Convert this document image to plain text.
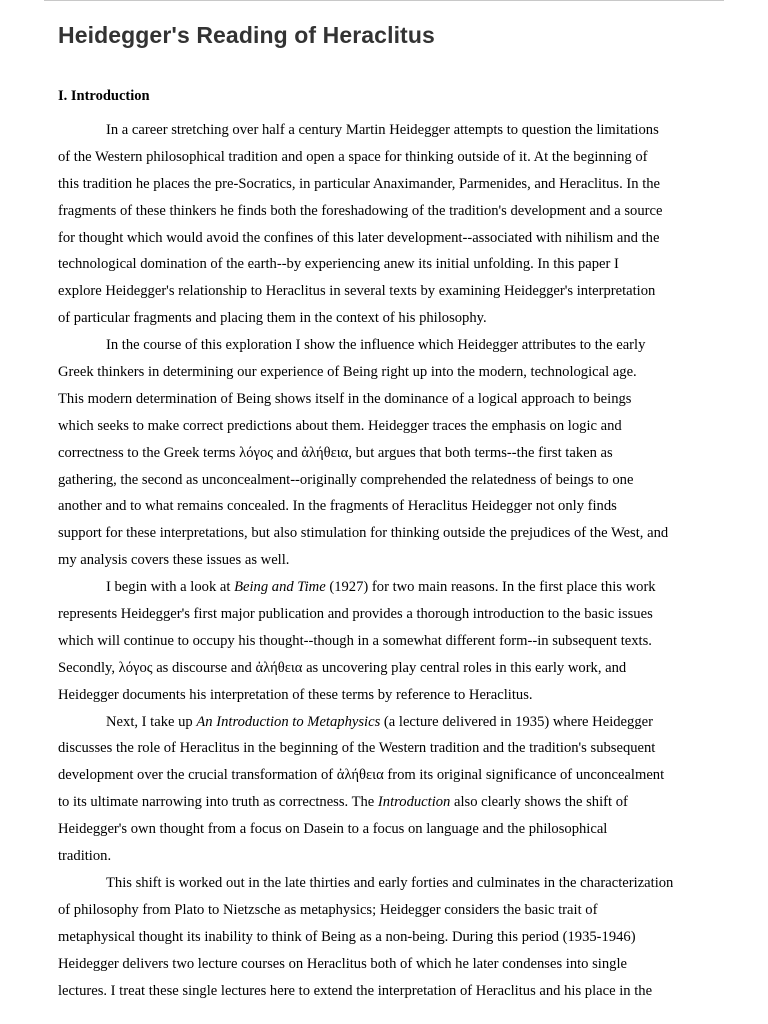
Heidegger's Reading of Heraclitus
I. Introduction
In a career stretching over half a century Martin Heidegger attempts to question the limitations
of the Western philosophical tradition and open a space for thinking outside of it. At the beginning of
this tradition he places the pre-Socratics, in particular Anaximander, Parmenides, and Heraclitus. In the
fragments of these thinkers he finds both the foreshadowing of the tradition's development and a source
for thought which would avoid the confines of this later development--associated with nihilism and the
technological domination of the earth--by experiencing anew its initial unfolding. In this paper I
explore Heidegger's relationship to Heraclitus in several texts by examining Heidegger's interpretation
of particular fragments and placing them in the context of his philosophy.
In the course of this exploration I show the influence which Heidegger attributes to the early
Greek thinkers in determining our experience of Being right up into the modern, technological age.
This modern determination of Being shows itself in the dominance of a logical approach to beings
which seeks to make correct predictions about them. Heidegger traces the emphasis on logic and
correctness to the Greek terms λόγος and ἀλήθεια, but argues that both terms--the first taken as
gathering, the second as unconcealment--originally comprehended the relatedness of beings to one
another and to what remains concealed. In the fragments of Heraclitus Heidegger not only finds
support for these interpretations, but also stimulation for thinking outside the prejudices of the West, and
my analysis covers these issues as well.
I begin with a look at Being and Time (1927) for two main reasons. In the first place this work
represents Heidegger's first major publication and provides a thorough introduction to the basic issues
which will continue to occupy his thought--though in a somewhat different form--in subsequent texts.
Secondly, λόγος as discourse and ἀλήθεια as uncovering play central roles in this early work, and
Heidegger documents his interpretation of these terms by reference to Heraclitus.
Next, I take up An Introduction to Metaphysics (a lecture delivered in 1935) where Heidegger
discusses the role of Heraclitus in the beginning of the Western tradition and the tradition's subsequent
development over the crucial transformation of ἀλήθεια from its original significance of unconcealment
to its ultimate narrowing into truth as correctness. The Introduction also clearly shows the shift of
Heidegger's own thought from a focus on Dasein to a focus on language and the philosophical
tradition.
This shift is worked out in the late thirties and early forties and culminates in the characterization
of philosophy from Plato to Nietzsche as metaphysics; Heidegger considers the basic trait of
metaphysical thought its inability to think of Being as a non-being. During this period (1935-1946)
Heidegger delivers two lecture courses on Heraclitus both of which he later condenses into single
lectures. I treat these single lectures here to extend the interpretation of Heraclitus and his place in the
